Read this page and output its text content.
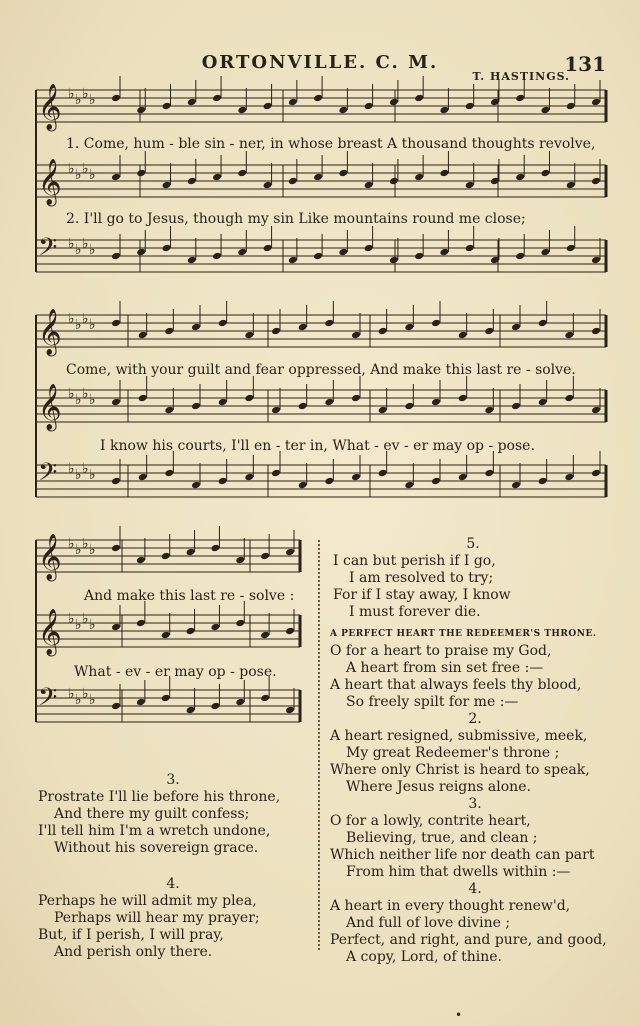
ORTONVILLE. C. M.	131
T. HASTINGS.
𝄞 ♭ ♭ ♭ ♭
𝄞 ♭ ♭ ♭ ♭
𝄢 ♭ ♭ ♭ ♭
𝄞 ♭ ♭ ♭ ♭
𝄞 ♭ ♭ ♭ ♭
𝄢 ♭ ♭ ♭ ♭
𝄞 ♭ ♭ ♭ ♭
𝄞 ♭ ♭ ♭ ♭
𝄢 ♭ ♭ ♭ ♭
1. Come, hum - ble sin - ner, in whose breast A thousand thoughts revolve,
2. I'll go to Jesus, though my sin Like mountains round me close;
Come, with your guilt and fear oppressed, And make this last re - solve.
I know his courts, I'll en - ter in, What - ev - er may op - pose.
And make this last re - solve :
What - ev - er may op - pose.
5.
I can but perish if I go,
I am resolved to try;
For if I stay away, I know
I must forever die.
A PERFECT HEART THE REDEEMER'S THRONE.
O for a heart to praise my God,
A heart from sin set free :—
A heart that always feels thy blood,
So freely spilt for me :—
2.
A heart resigned, submissive, meek,
My great Redeemer's throne ;
Where only Christ is heard to speak,
Where Jesus reigns alone.
3.
O for a lowly, contrite heart,
Believing, true, and clean ;
Which neither life nor death can part
From him that dwells within :—
4.
A heart in every thought renew'd,
And full of love divine ;
Perfect, and right, and pure, and good,
A copy, Lord, of thine.
3.
Prostrate I'll lie before his throne,
And there my guilt confess;
I'll tell him I'm a wretch undone,
Without his sovereign grace.
4.
Perhaps he will admit my plea,
Perhaps will hear my prayer;
But, if I perish, I will pray,
And perish only there.
•
